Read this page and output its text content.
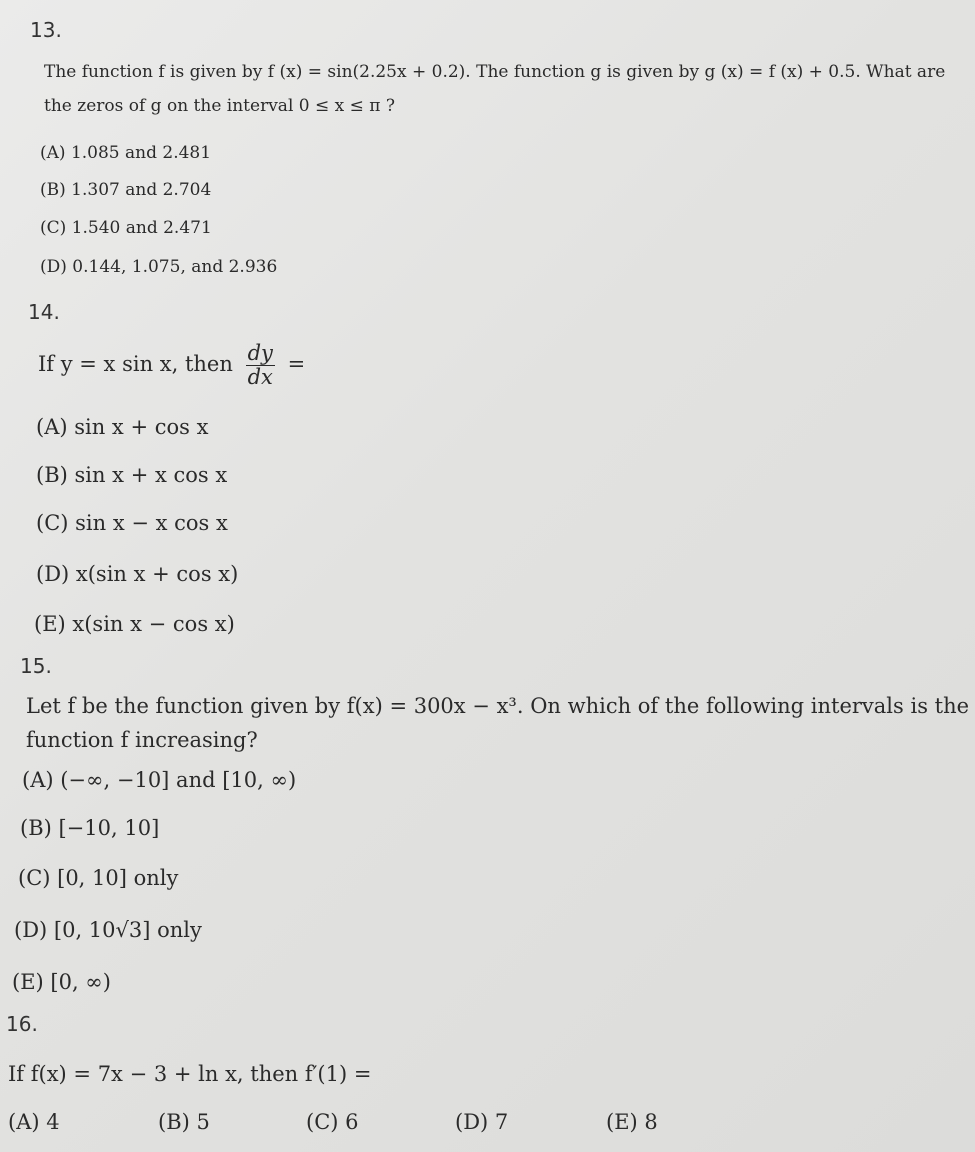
13.
The function f is given by f (x) = sin(2.25x + 0.2). The function g is given by g (x) = f (x) + 0.5. What are
the zeros of g on the interval 0 ≤ x ≤ π ?
(A) 1.085 and 2.481
(B) 1.307 and 2.704
(C) 1.540 and 2.471
(D) 0.144, 1.075, and 2.936
14.
If y = x sin x, then $\frac{dy}{dx}$ =
(A) sin x + cos x
(B) sin x + x cos x
(C) sin x − x cos x
(D) x(sin x + cos x)
(E) x(sin x − cos x)
15.
Let f be the function given by f(x) = 300x − x³. On which of the following intervals is the
function f increasing?
(A) (−∞, −10] and [10, ∞)
(B) [−10, 10]
(C) [0, 10] only
(D) [0, 10√3] only
(E) [0, ∞)
16.
If f(x) = 7x − 3 + ln x, then f′(1) =
(A) 4	(B) 5	(C) 6	(D) 7	(E) 8
